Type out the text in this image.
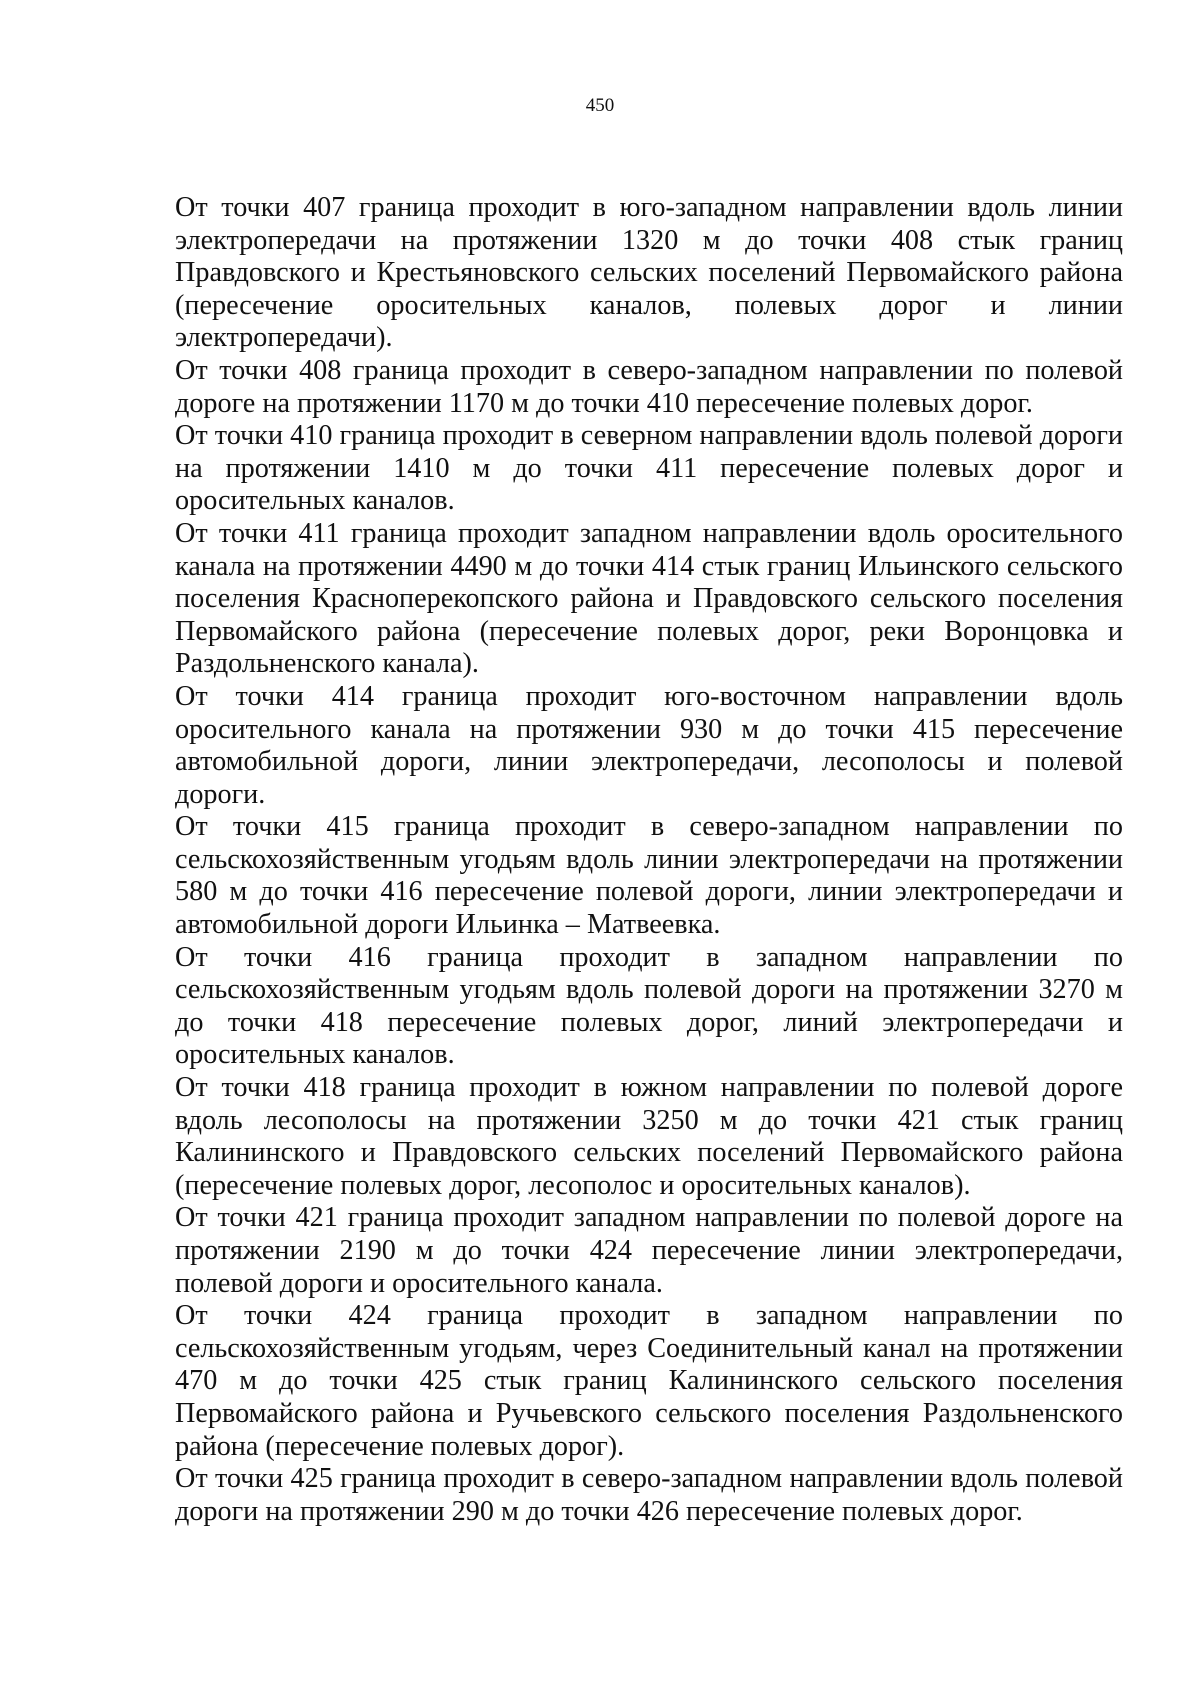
450

От точки 407 граница проходит в юго-западном направлении вдоль линии электропередачи на протяжении 1320 м до точки 408 стык границ Правдовского и Крестьяновского сельских поселений Первомайского района (пересечение оросительных каналов, полевых дорог и линии электропередачи).

От точки 408 граница проходит в северо-западном направлении по полевой дороге на протяжении 1170 м до точки 410 пересечение полевых дорог.

От точки 410 граница проходит в северном направлении вдоль полевой дороги на протяжении 1410 м до точки 411 пересечение полевых дорог и оросительных каналов.

От точки 411 граница проходит западном направлении вдоль оросительного канала на протяжении 4490 м до точки 414 стык границ Ильинского сельского поселения Красноперекопского района и Правдовского сельского поселения Первомайского района (пересечение полевых дорог, реки Воронцовка и Раздольненского канала).

От точки 414 граница проходит юго-восточном направлении вдоль оросительного канала на протяжении 930 м до точки 415 пересечение автомобильной дороги, линии электропередачи, лесополосы и полевой дороги.

От точки 415 граница проходит в северо-западном направлении по сельскохозяйственным угодьям вдоль линии электропередачи на протяжении 580 м до точки 416 пересечение полевой дороги, линии электропередачи и автомобильной дороги Ильинка – Матвеевка.

От точки 416 граница проходит в западном направлении по сельскохозяйственным угодьям вдоль полевой дороги на протяжении 3270 м до точки 418 пересечение полевых дорог, линий электропередачи и оросительных каналов.

От точки 418 граница проходит в южном направлении по полевой дороге вдоль лесополосы на протяжении 3250 м до точки 421 стык границ Калининского и Правдовского сельских поселений Первомайского района (пересечение полевых дорог, лесополос и оросительных каналов).

От точки 421 граница проходит западном направлении по полевой дороге на протяжении 2190 м до точки 424 пересечение линии электропередачи, полевой дороги и оросительного канала.

От точки 424 граница проходит в западном направлении по сельскохозяйственным угодьям, через Соединительный канал на протяжении 470 м до точки 425 стык границ Калининского сельского поселения Первомайского района и Ручьевского сельского поселения Раздольненского района (пересечение полевых дорог).

От точки 425 граница проходит в северо-западном направлении вдоль полевой дороги на протяжении 290 м до точки 426 пересечение полевых дорог.
